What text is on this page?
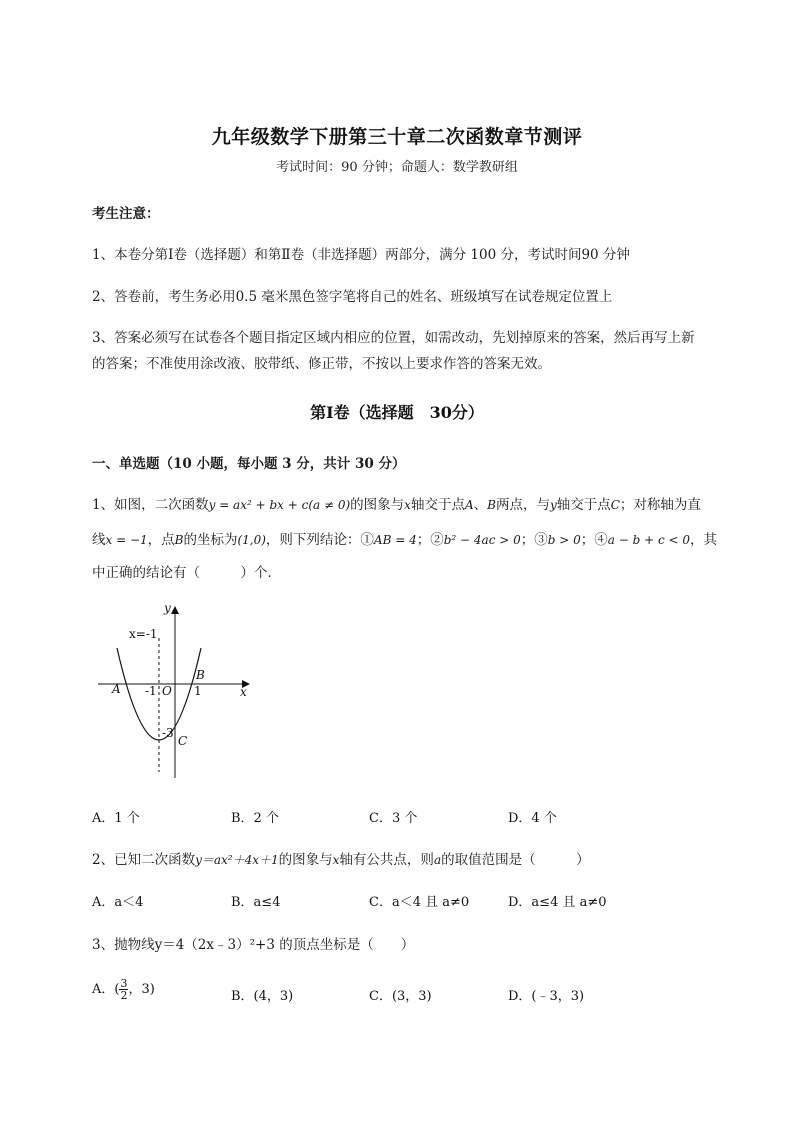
九年级数学下册第三十章二次函数章节测评
考试时间：90 分钟；命题人：数学教研组
考生注意：
1、本卷分第Ⅰ卷（选择题）和第Ⅱ卷（非选择题）两部分，满分 100 分，考试时间90 分钟
2、答卷前，考生务必用0.5 毫米黑色签字笔将自己的姓名、班级填写在试卷规定位置上
3、答案必须写在试卷各个题目指定区域内相应的位置，如需改动，先划掉原来的答案，然后再写上新
的答案；不准使用涂改液、胶带纸、修正带，不按以上要求作答的答案无效。
第Ⅰ卷（选择题　30分）
一、单选题（10 小题，每小题 3 分，共计 30 分）
1、如图，二次函数y = ax² + bx + c(a ≠ 0)的图象与x轴交于点A、B两点，与y轴交于点C；对称轴为直
线x = −1，点B的坐标为(1,0)，则下列结论：①AB = 4；②b² − 4ac > 0；③b > 0；④a − b + c < 0，其
中正确的结论有（　　　）个．
y
x
x=-1
A
B
C
O
-1	1
-3
A．1 个	B．2 个	C．3 个	D．4 个
2、已知二次函数y＝ax²＋4x＋1的图象与x轴有公共点，则a的取值范围是（　　　）
A．a＜4	B．a≤4	C．a＜4 且 a≠0	D．a≤4 且 a≠0
3、抛物线y＝4（2x﹣3）²+3 的顶点坐标是（　　）
A．( $\frac{3}{2}$ ，3)	B．(4，3)	C．(3，3)	D．(﹣3，3)
